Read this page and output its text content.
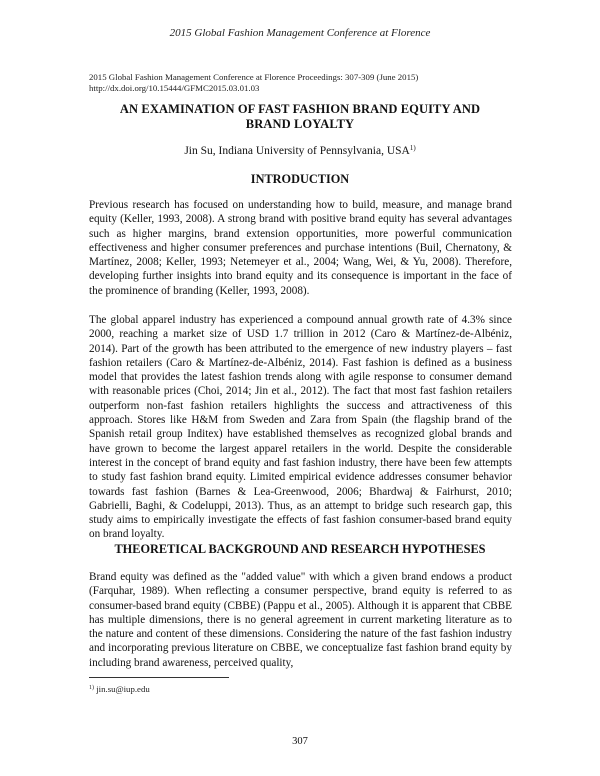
2015 Global Fashion Management Conference at Florence
2015 Global Fashion Management Conference at Florence Proceedings: 307-309 (June 2015)
http://dx.doi.org/10.15444/GFMC2015.03.01.03
AN EXAMINATION OF FAST FASHION BRAND EQUITY AND BRAND LOYALTY
Jin Su, Indiana University of Pennsylvania, USA$^{1)}$
INTRODUCTION
Previous research has focused on understanding how to build, measure, and manage brand equity (Keller, 1993, 2008). A strong brand with positive brand equity has several advantages such as higher margins, brand extension opportunities, more powerful communication effectiveness and higher consumer preferences and purchase intentions (Buil, Chernatony, & Martínez, 2008; Keller, 1993; Netemeyer et al., 2004; Wang, Wei, & Yu, 2008). Therefore, developing further insights into brand equity and its consequence is important in the face of the prominence of branding (Keller, 1993, 2008).
The global apparel industry has experienced a compound annual growth rate of 4.3% since 2000, reaching a market size of USD 1.7 trillion in 2012 (Caro & Martínez-de-Albéniz, 2014). Part of the growth has been attributed to the emergence of new industry players – fast fashion retailers (Caro & Martínez-de-Albéniz, 2014). Fast fashion is defined as a business model that provides the latest fashion trends along with agile response to consumer demand with reasonable prices (Choi, 2014; Jin et al., 2012). The fact that most fast fashion retailers outperform non-fast fashion retailers highlights the success and attractiveness of this approach. Stores like H&M from Sweden and Zara from Spain (the flagship brand of the Spanish retail group Inditex) have established themselves as recognized global brands and have grown to become the largest apparel retailers in the world. Despite the considerable interest in the concept of brand equity and fast fashion industry, there have been few attempts to study fast fashion brand equity. Limited empirical evidence addresses consumer behavior towards fast fashion (Barnes & Lea-Greenwood, 2006; Bhardwaj & Fairhurst, 2010; Gabrielli, Baghi, & Codeluppi, 2013). Thus, as an attempt to bridge such research gap, this study aims to empirically investigate the effects of fast fashion consumer-based brand equity on brand loyalty.
THEORETICAL BACKGROUND AND RESEARCH HYPOTHESES
Brand equity was defined as the "added value" with which a given brand endows a product (Farquhar, 1989). When reflecting a consumer perspective, brand equity is referred to as consumer-based brand equity (CBBE) (Pappu et al., 2005). Although it is apparent that CBBE has multiple dimensions, there is no general agreement in current marketing literature as to the nature and content of these dimensions. Considering the nature of the fast fashion industry and incorporating previous literature on CBBE, we conceptualize fast fashion brand equity by including brand awareness, perceived quality,
$^{1)}$ jin.su@iup.edu
307
